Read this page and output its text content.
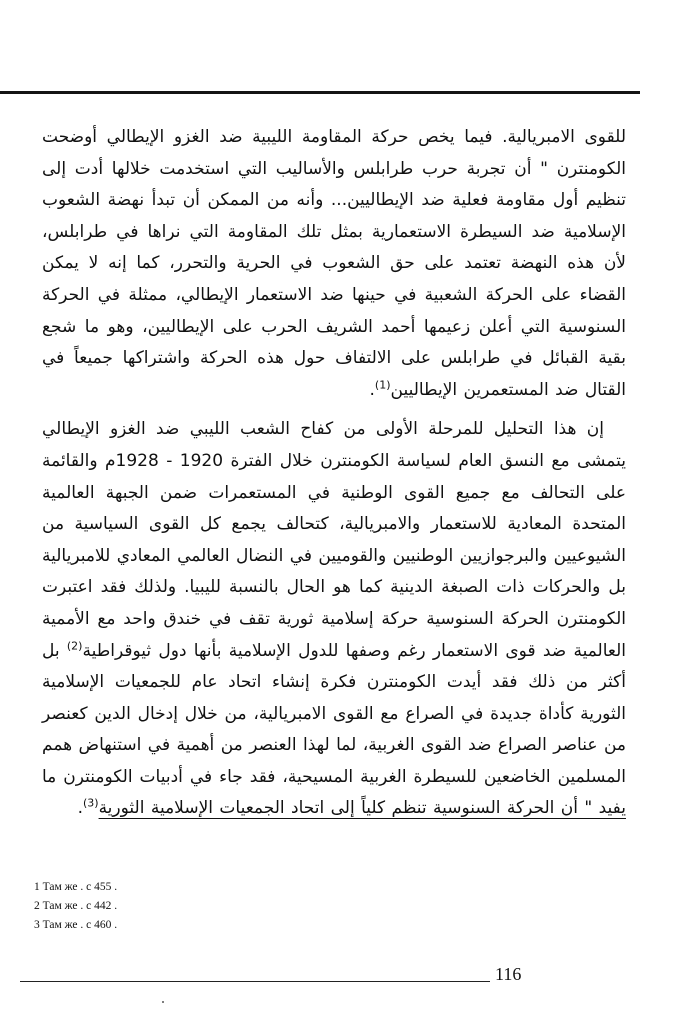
للقوى الامبريالية. فيما يخص حركة المقاومة الليبية ضد الغزو الإيطالي أوضحت الكومنترن " أن تجربة حرب طرابلس والأساليب التي استخدمت خلالها أدت إلى تنظيم أول مقاومة فعلية ضد الإيطاليين... وأنه من الممكن أن تبدأ نهضة الشعوب الإسلامية ضد السيطرة الاستعمارية بمثل تلك المقاومة التي نراها في طرابلس، لأن هذه النهضة تعتمد على حق الشعوب في الحرية والتحرر، كما إنه لا يمكن القضاء على الحركة الشعبية في حينها ضد الاستعمار الإيطالي، ممثلة في الحركة السنوسية التي أعلن زعيمها أحمد الشريف الحرب على الإيطاليين، وهو ما شجع بقية القبائل في طرابلس على الالتفاف حول هذه الحركة واشتراكها جميعاً في القتال ضد المستعمرين الإيطاليين$^{(1)}$.

إن هذا التحليل للمرحلة الأولى من كفاح الشعب الليبي ضد الغزو الإيطالي يتمشى مع النسق العام لسياسة الكومنترن خلال الفترة 1920 - 1928م والقائمة على التحالف مع جميع القوى الوطنية في المستعمرات ضمن الجبهة العالمية المتحدة المعادية للاستعمار والامبريالية، كتحالف يجمع كل القوى السياسية من الشيوعيين والبرجوازيين الوطنيين والقوميين في النضال العالمي المعادي للامبريالية بل والحركات ذات الصبغة الدينية كما هو الحال بالنسبة لليبيا. ولذلك فقد اعتبرت الكومنترن الحركة السنوسية حركة إسلامية ثورية تقف في خندق واحد مع الأممية العالمية ضد قوى الاستعمار رغم وصفها للدول الإسلامية بأنها دول ثيوقراطية$^{(2)}$ بل أكثر من ذلك فقد أيدت الكومنترن فكرة إنشاء اتحاد عام للجمعيات الإسلامية الثورية كأداة جديدة في الصراع مع القوى الامبريالية، من خلال إدخال الدين كعنصر من عناصر الصراع ضد القوى الغربية، لما لهذا العنصر من أهمية في استنهاض همم المسلمين الخاضعين للسيطرة الغربية المسيحية، فقد جاء في أدبيات الكومنترن ما يفيد " أن الحركة السنوسية تنظم كلياً إلى اتحاد الجمعيات الإسلامية الثورية$^{(3)}$.

1 Там же . с 455 .
2 Там же . с 442 .
3 Там же . с 460 .
116
